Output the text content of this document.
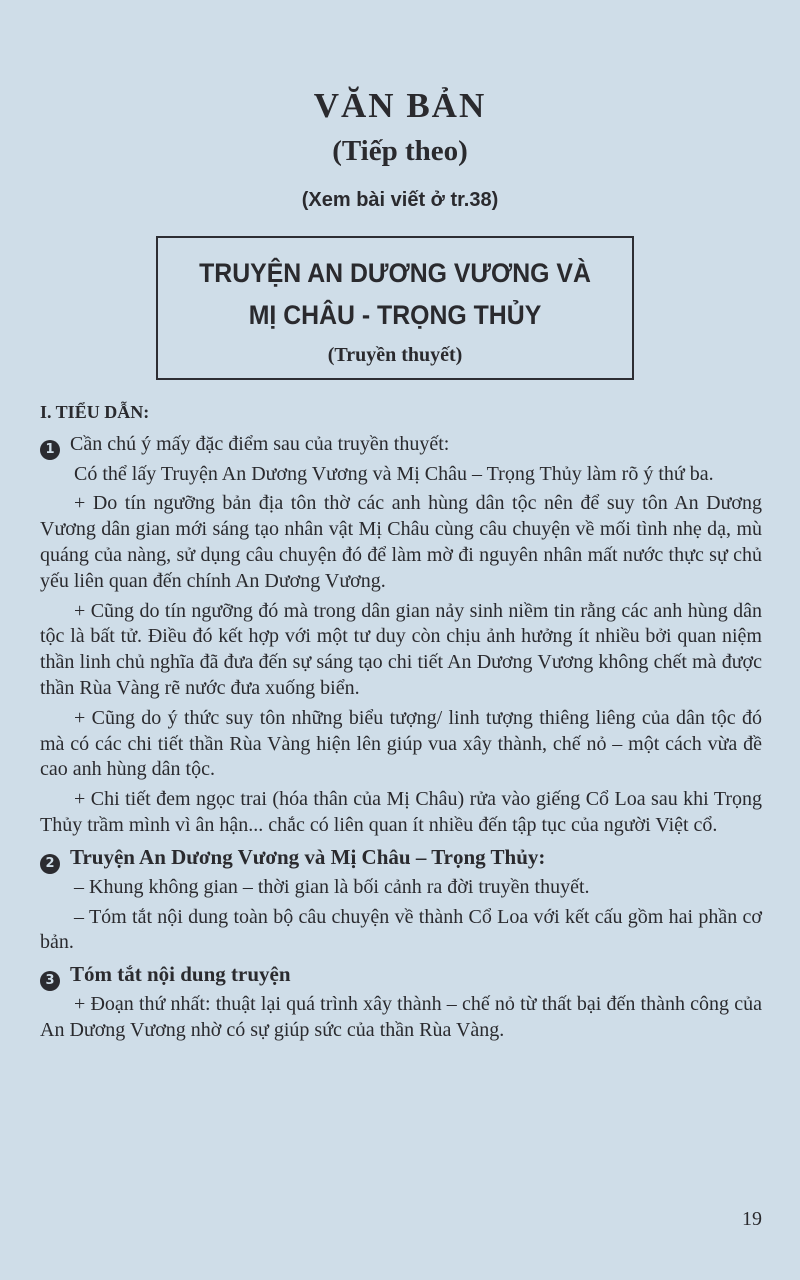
VĂN BẢN
(Tiếp theo)
(Xem bài viết ở tr.38)
TRUYỆN AN DƯƠNG VƯƠNG VÀ
MỊ CHÂU - TRỌNG THỦY
(Truyền thuyết)
I. TIỂU DẪN:
1 Cần chú ý mấy đặc điểm sau của truyền thuyết:
Có thể lấy Truyện An Dương Vương và Mị Châu – Trọng Thủy làm rõ ý thứ ba.
+ Do tín ngưỡng bản địa tôn thờ các anh hùng dân tộc nên để suy tôn An Dương Vương dân gian mới sáng tạo nhân vật Mị Châu cùng câu chuyện về mối tình nhẹ dạ, mù quáng của nàng, sử dụng câu chuyện đó để làm mờ đi nguyên nhân mất nước thực sự chủ yếu liên quan đến chính An Dương Vương.
+ Cũng do tín ngưỡng đó mà trong dân gian nảy sinh niềm tin rằng các anh hùng dân tộc là bất tử. Điều đó kết hợp với một tư duy còn chịu ảnh hưởng ít nhiều bởi quan niệm thần linh chủ nghĩa đã đưa đến sự sáng tạo chi tiết An Dương Vương không chết mà được thần Rùa Vàng rẽ nước đưa xuống biển.
+ Cũng do ý thức suy tôn những biểu tượng/ linh tượng thiêng liêng của dân tộc đó mà có các chi tiết thần Rùa Vàng hiện lên giúp vua xây thành, chế nỏ – một cách vừa đề cao anh hùng dân tộc.
+ Chi tiết đem ngọc trai (hóa thân của Mị Châu) rửa vào giếng Cổ Loa sau khi Trọng Thủy trầm mình vì ân hận... chắc có liên quan ít nhiều đến tập tục của người Việt cổ.
2 Truyện An Dương Vương và Mị Châu – Trọng Thủy:
– Khung không gian – thời gian là bối cảnh ra đời truyền thuyết.
– Tóm tắt nội dung toàn bộ câu chuyện về thành Cổ Loa với kết cấu gồm hai phần cơ bản.
3 Tóm tắt nội dung truyện
+ Đoạn thứ nhất: thuật lại quá trình xây thành – chế nỏ từ thất bại đến thành công của An Dương Vương nhờ có sự giúp sức của thần Rùa Vàng.
19
